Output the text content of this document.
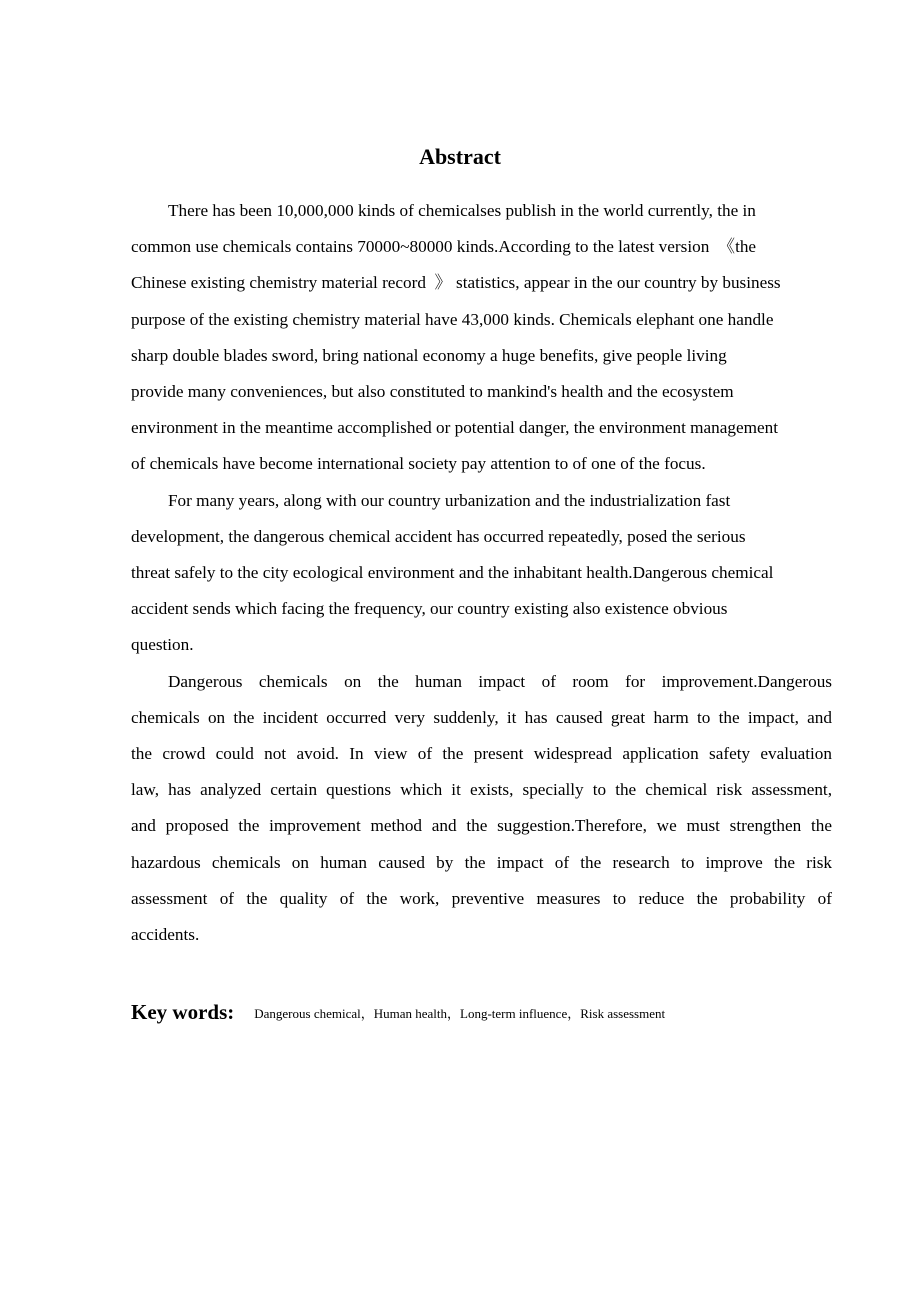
Abstract

There has been 10,000,000 kinds of chemicalses publish in the world currently, the in
common use chemicals contains 70000~80000 kinds.According to the latest version  《the
Chinese existing chemistry material record  》 statistics, appear in the our country by business
purpose of the existing chemistry material have 43,000 kinds. Chemicals elephant one handle
sharp double blades sword, bring national economy a huge benefits, give people living
provide many conveniences, but also constituted to mankind's health and the ecosystem
environment in the meantime accomplished or potential danger, the environment management
of chemicals have become international society pay attention to of one of the focus.

For many years, along with our country urbanization and the industrialization fast
development, the dangerous chemical accident has occurred repeatedly, posed the serious
threat safely to the city ecological environment and the inhabitant health.Dangerous chemical
accident sends which facing the frequency, our country existing also existence obvious
question.

Dangerous chemicals on the human impact of room for improvement.Dangerous
chemicals on the incident occurred very suddenly, it has caused great harm to the impact, and
the crowd could not avoid. In view of the present widespread application safety evaluation
law, has analyzed certain questions which it exists, specially to the chemical risk assessment,
and proposed the improvement method and the suggestion.Therefore, we must strengthen the
hazardous chemicals on human caused by the impact of the research to improve the risk
assessment of the quality of the work, preventive measures to reduce the probability of
accidents.

Key words: Dangerous chemical，Human health，Long-term influence，Risk assessment
